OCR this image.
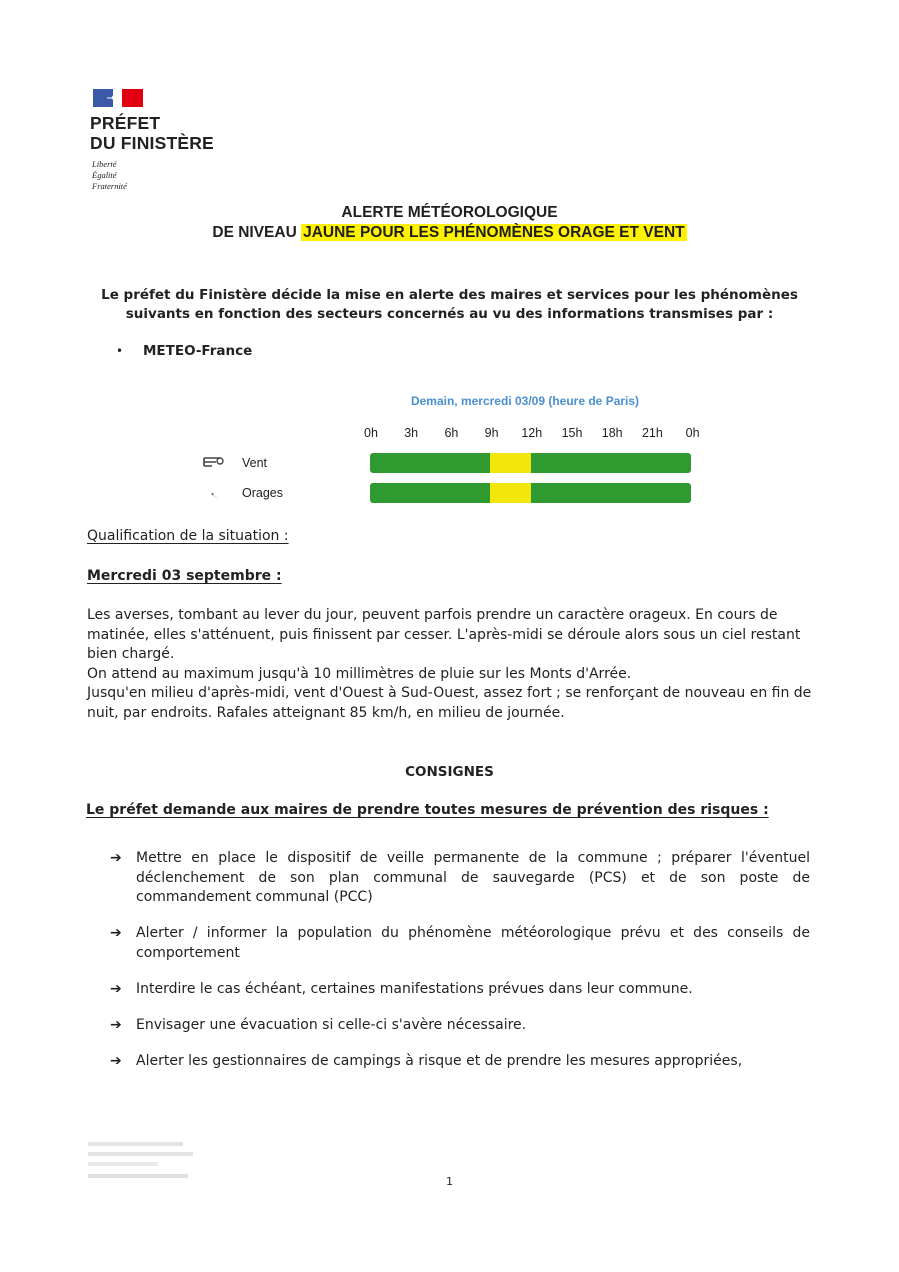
PRÉFET
DU FINISTÈRE
Liberté
Égalité
Fraternité
ALERTE MÉTÉOROLOGIQUE
DE NIVEAU JAUNE POUR LES PHÉNOMÈNES ORAGE ET VENT
Le préfet du Finistère décide la mise en alerte des maires et services pour les phénomènes
suivants en fonction des secteurs concernés au vu des informations transmises par :
• METEO-France
Demain, mercredi 03/09 (heure de Paris)
0h	3h	6h	9h	12h	15h	18h	21h	0h
Vent
Orages
Qualification de la situation :
Mercredi 03 septembre :

Les averses, tombant au lever du jour, peuvent parfois prendre un caractère orageux. En cours de matinée, elles s'atténuent, puis finissent par cesser. L'après-midi se déroule alors sous un ciel restant bien chargé.

On attend au maximum jusqu'à 10 millimètres de pluie sur les Monts d'Arrée.

Jusqu'en milieu d'après-midi, vent d'Ouest à Sud-Ouest, assez fort ; se renforçant de nouveau en fin de nuit, par endroits. Rafales atteignant 85 km/h, en milieu de journée.

CONSIGNES
Le préfet demande aux maires de prendre toutes mesures de prévention des risques :
➔	Mettre en place le dispositif de veille permanente de la commune ; préparer l'éventuel déclenchement de son plan communal de sauvegarde (PCS) et de son poste de commandement communal (PCC)
➔	Alerter / informer la population du phénomène météorologique prévu et des conseils de comportement
➔	Interdire le cas échéant, certaines manifestations prévues dans leur commune.
➔	Envisager une évacuation si celle-ci s'avère nécessaire.
➔	Alerter les gestionnaires de campings à risque et de prendre les mesures appropriées,
1
